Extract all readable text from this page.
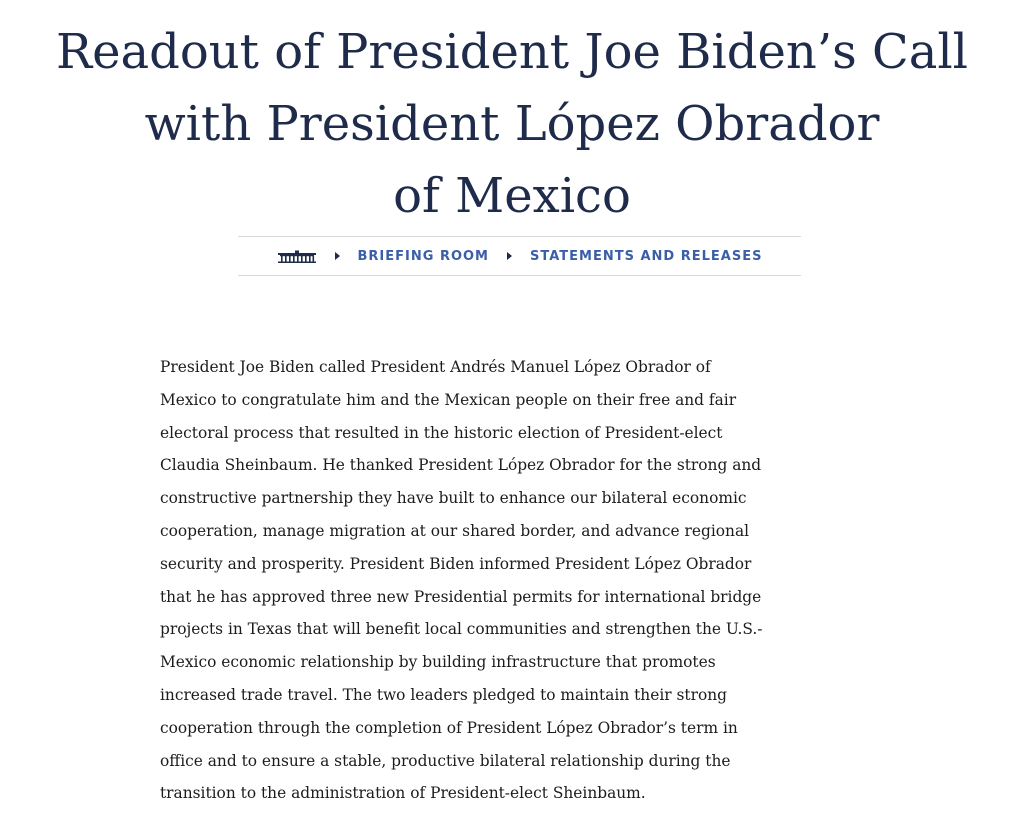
Readout of President Joe Biden’s Call
with President López Obrador
of Mexico
BRIEFING ROOM	STATEMENTS AND RELEASES

President Joe Biden called President Andrés Manuel López Obrador of
Mexico to congratulate him and the Mexican people on their free and fair
electoral process that resulted in the historic election of President-elect
Claudia Sheinbaum. He thanked President López Obrador for the strong and
constructive partnership they have built to enhance our bilateral economic
cooperation, manage migration at our shared border, and advance regional
security and prosperity. President Biden informed President López Obrador
that he has approved three new Presidential permits for international bridge
projects in Texas that will benefit local communities and strengthen the U.S.-
Mexico economic relationship by building infrastructure that promotes
increased trade travel. The two leaders pledged to maintain their strong
cooperation through the completion of President López Obrador’s term in
office and to ensure a stable, productive bilateral relationship during the
transition to the administration of President-elect Sheinbaum.
